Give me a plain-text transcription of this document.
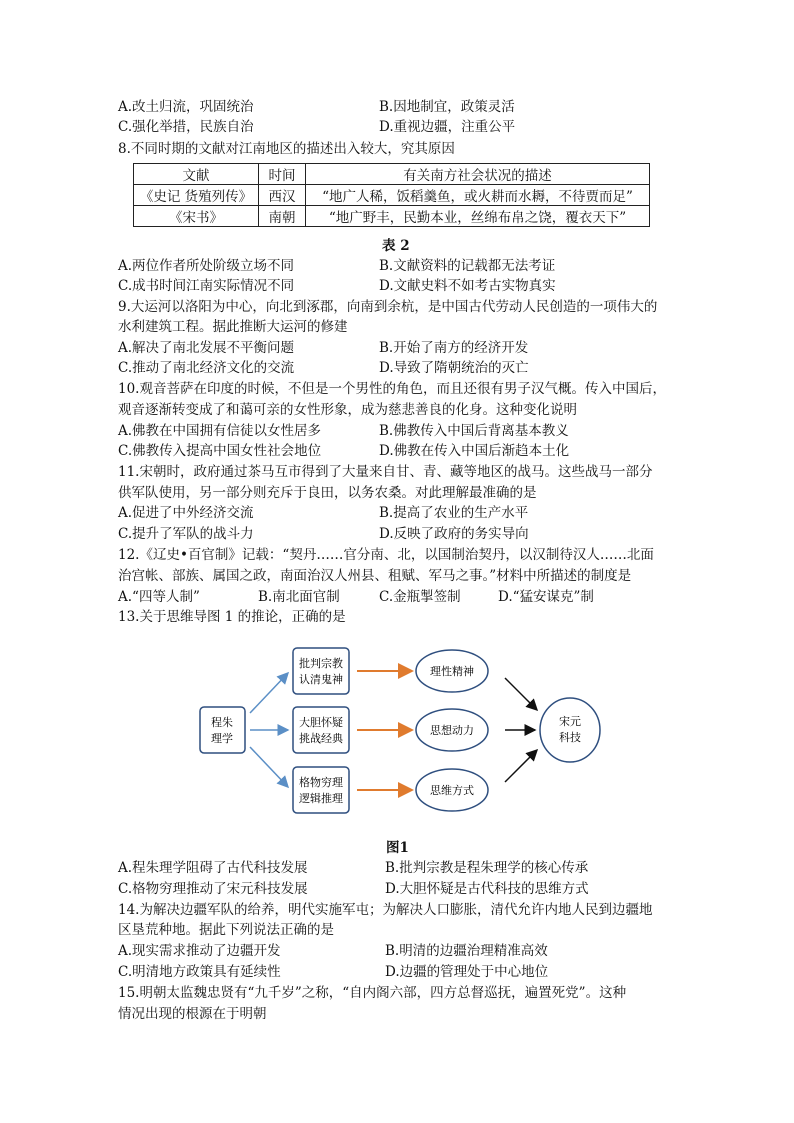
A.改土归流，巩固统治	B.因地制宜，政策灵活
C.强化举措，民族自治	D.重视边疆，注重公平
8.不同时期的文献对江南地区的描述出入较大，究其原因
文献	时间	有关南方社会状况的描述
《史记 货殖列传》	西汉	“地广人稀，饭稻羹鱼，或火耕而水耨，不待贾而足”
《宋书》	南朝	“地广野丰，民勤本业，丝绵布帛之饶，覆衣天下”
表 2
A.两位作者所处阶级立场不同	B.文献资料的记载都无法考证
C.成书时间江南实际情况不同	D.文献史料不如考古实物真实
9.大运河以洛阳为中心，向北到涿郡，向南到余杭，是中国古代劳动人民创造的一项伟大的
水利建筑工程。据此推断大运河的修建
A.解决了南北发展不平衡问题	B.开始了南方的经济开发
C.推动了南北经济文化的交流	D.导致了隋朝统治的灭亡
10.观音菩萨在印度的时候，不但是一个男性的角色，而且还很有男子汉气概。传入中国后，
观音逐渐转变成了和蔼可亲的女性形象，成为慈悲善良的化身。这种变化说明
A.佛教在中国拥有信徒以女性居多	B.佛教传入中国后背离基本教义
C.佛教传入提高中国女性社会地位	D.佛教在传入中国后渐趋本土化
11.宋朝时，政府通过茶马互市得到了大量来自甘、青、藏等地区的战马。这些战马一部分
供军队使用，另一部分则充斥于良田，以务农桑。对此理解最准确的是
A.促进了中外经济交流	B.提高了农业的生产水平
C.提升了军队的战斗力	D.反映了政府的务实导向
12.《辽史•百官制》记载：“契丹……官分南、北，以国制治契丹，以汉制待汉人……北面
治宫帐、部族、属国之政，南面治汉人州县、租赋、军马之事。”材料中所描述的制度是
A.“四等人制”	B.南北面官制	C.金瓶掣签制	D.“猛安谋克”制
13.关于思维导图 1 的推论，正确的是
程朱
理学
批判宗教
认清鬼神
大胆怀疑
挑战经典
格物穷理
逻辑推理
理性精神
思想动力
思维方式
宋元
科技
图1
A.程朱理学阻碍了古代科技发展	B.批判宗教是程朱理学的核心传承
C.格物穷理推动了宋元科技发展	D.大胆怀疑是古代科技的思维方式
14.为解决边疆军队的给养，明代实施军屯；为解决人口膨胀，清代允许内地人民到边疆地
区垦荒种地。据此下列说法正确的是
A.现实需求推动了边疆开发	B.明清的边疆治理精准高效
C.明清地方政策具有延续性	D.边疆的管理处于中心地位
15.明朝太监魏忠贤有“九千岁”之称，“自内阁六部，四方总督巡抚，遍置死党”。这种
情况出现的根源在于明朝
